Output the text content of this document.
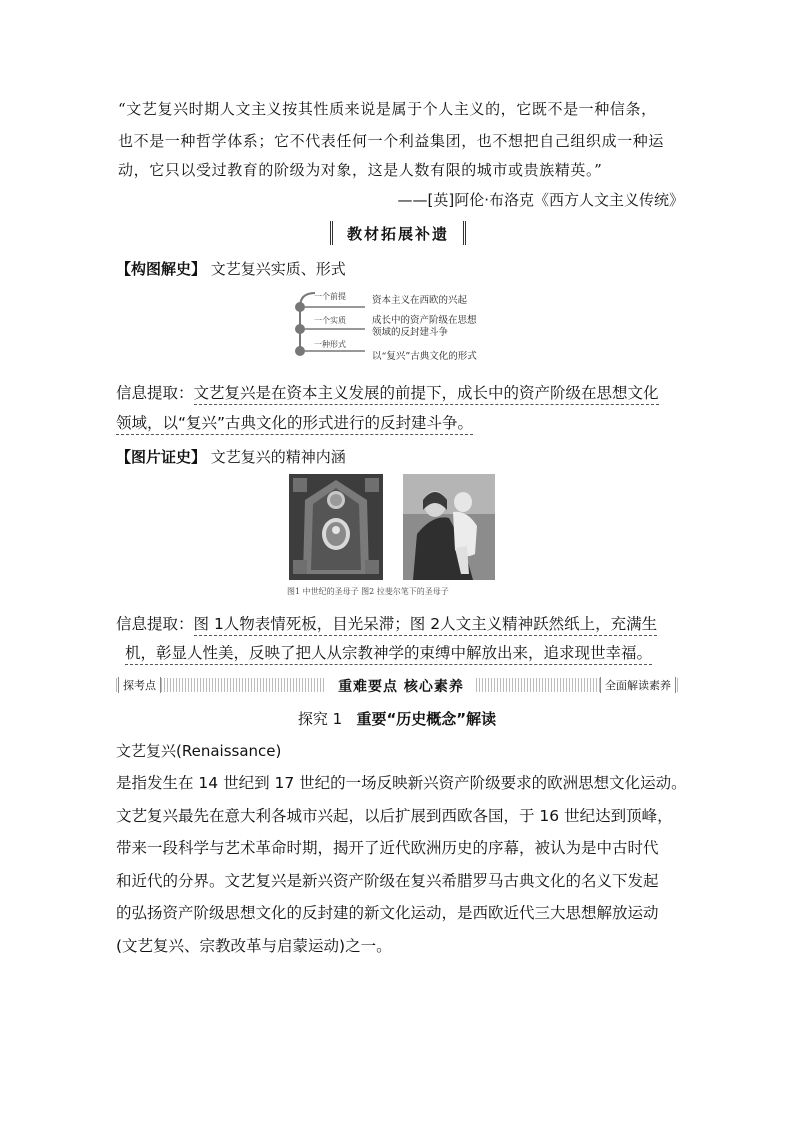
“文艺复兴时期人文主义按其性质来说是属于个人主义的，它既不是一种信条，
也不是一种哲学体系；它不代表任何一个利益集团，也不想把自己组织成一种运
动，它只以受过教育的阶级为对象，这是人数有限的城市或贵族精英。”
——[英]阿伦·布洛克《西方人文主义传统》
教材拓展补遗
【构图解史】 文艺复兴实质、形式
一个前提	资本主义在西欧的兴起
一个实质	成长中的资产阶级在思想
领域的反封建斗争
一种形式
以“复兴”古典文化的形式
信息提取：文艺复兴是在资本主义发展的前提下，成长中的资产阶级在思想文化
领域，以“复兴”古典文化的形式进行的反封建斗争。
【图片证史】 文艺复兴的精神内涵
图1 中世纪的圣母子 图2 拉斐尔笔下的圣母子
信息提取：图 1人物表情死板，目光呆滞；图 2人文主义精神跃然纸上，充满生
机，彰显人性美，反映了把人从宗教神学的束缚中解放出来，追求现世幸福。
探考点	重难要点 核心素养	全面解读素养
探究 1 重要“历史概念”解读
文艺复兴(Renaissance)
是指发生在 14 世纪到 17 世纪的一场反映新兴资产阶级要求的欧洲思想文化运动。
文艺复兴最先在意大利各城市兴起，以后扩展到西欧各国，于 16 世纪达到顶峰，
带来一段科学与艺术革命时期，揭开了近代欧洲历史的序幕，被认为是中古时代
和近代的分界。文艺复兴是新兴资产阶级在复兴希腊罗马古典文化的名义下发起
的弘扬资产阶级思想文化的反封建的新文化运动，是西欧近代三大思想解放运动
(文艺复兴、宗教改革与启蒙运动)之一。
